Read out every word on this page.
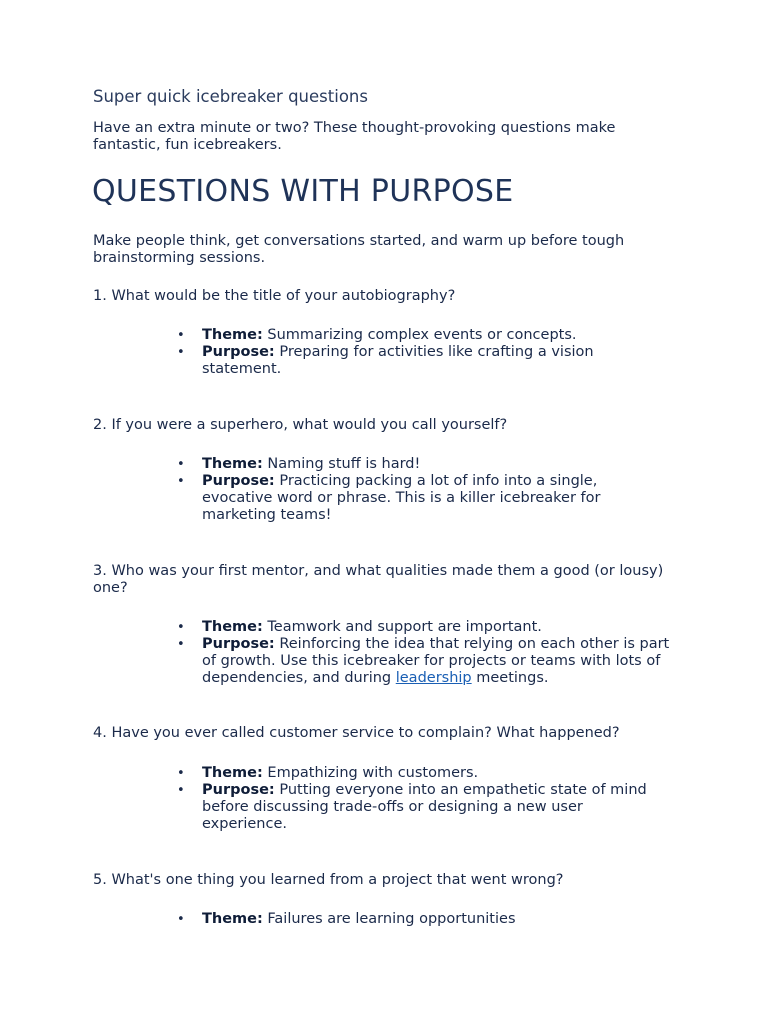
Super quick icebreaker questions

Have an extra minute or two? These thought-provoking questions make fantastic, fun icebreakers.

QUESTIONS WITH PURPOSE

Make people think, get conversations started, and warm up before tough brainstorming sessions.

1. What would be the title of your autobiography?

• Theme: Summarizing complex events or concepts.
• Purpose: Preparing for activities like crafting a vision statement.

2. If you were a superhero, what would you call yourself?

• Theme: Naming stuff is hard!
• Purpose: Practicing packing a lot of info into a single, evocative word or phrase. This is a killer icebreaker for marketing teams!

3. Who was your first mentor, and what qualities made them a good (or lousy) one?

• Theme: Teamwork and support are important.
• Purpose: Reinforcing the idea that relying on each other is part of growth. Use this icebreaker for projects or teams with lots of dependencies, and during leadership meetings.

4. Have you ever called customer service to complain? What happened?

• Theme: Empathizing with customers.
• Purpose: Putting everyone into an empathetic state of mind before discussing trade-offs or designing a new user experience.

5. What's one thing you learned from a project that went wrong?

• Theme: Failures are learning opportunities
